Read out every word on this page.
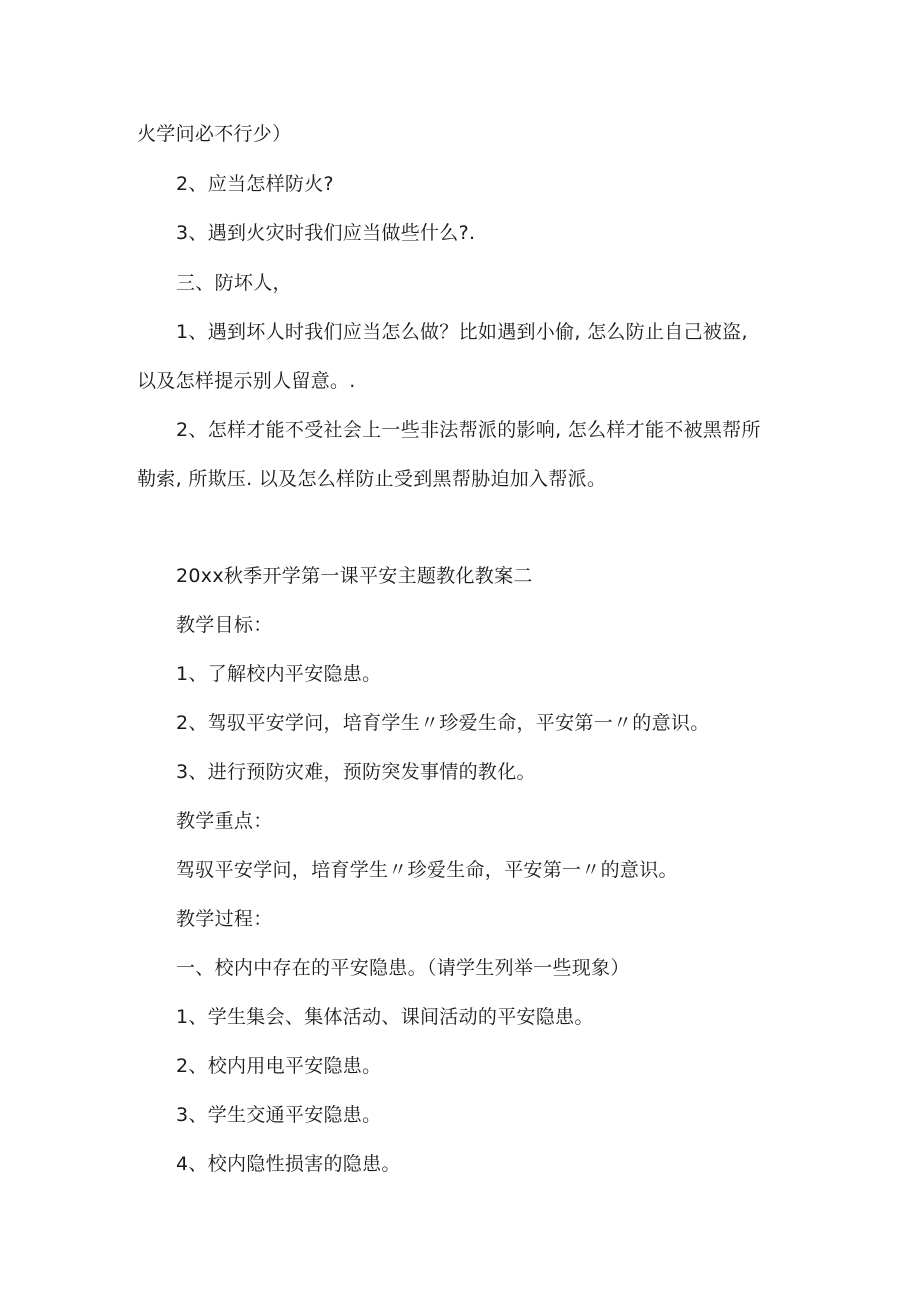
火学问必不行少）
2、应当怎样防火?
3、遇到火灾时我们应当做些什么?.
三、防坏人，
1、遇到坏人时我们应当怎么做？比如遇到小偷, 怎么防止自己被盗,
以及怎样提示别人留意。.
2、怎样才能不受社会上一些非法帮派的影响, 怎么样才能不被黑帮所
勒索, 所欺压. 以及怎么样防止受到黑帮胁迫加入帮派。
20xx秋季开学第一课平安主题教化教案二
教学目标：
1、了解校内平安隐患。
2、驾驭平安学问，培育学生〃珍爱生命，平安第一〃的意识。
3、进行预防灾难，预防突发事情的教化。
教学重点：
驾驭平安学问，培育学生〃珍爱生命，平安第一〃的意识。
教学过程：
一、校内中存在的平安隐患。（请学生列举一些现象）
1、学生集会、集体活动、课间活动的平安隐患。
2、校内用电平安隐患。
3、学生交通平安隐患。
4、校内隐性损害的隐患。
